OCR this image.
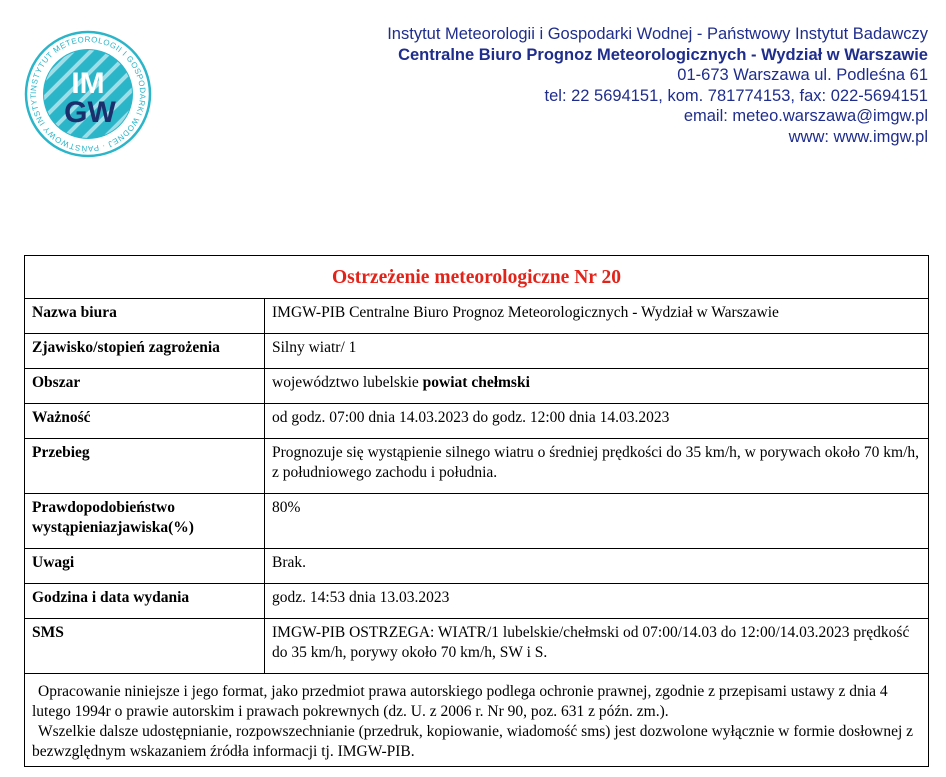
INSTYTUT METEOROLOGII I GOSPODARKI WODNEJ · PAŃSTWOWY INSTYT	IM
GW
Instytut Meteorologii i Gospodarki Wodnej - Państwowy Instytut Badawczy
Centralne Biuro Prognoz Meteorologicznych - Wydział w Warszawie
01-673 Warszawa ul. Podleśna 61
tel: 22 5694151, kom. 781774153, fax: 022-5694151
email: meteo.warszawa@imgw.pl
www: www.imgw.pl
Ostrzeżenie meteorologiczne Nr 20	
Nazwa biura	IMGW-PIB Centralne Biuro Prognoz Meteorologicznych - Wydział w Warszawie
Zjawisko/stopień zagrożenia	Silny wiatr/ 1
Obszar	województwo lubelskie powiat chełmski
Ważność	od godz. 07:00 dnia 14.03.2023 do godz. 12:00 dnia 14.03.2023
Przebieg	Prognozuje się wystąpienie silnego wiatru o średniej prędkości do 35 km/h, w porywach około 70 km/h, z południowego zachodu i południa.
Prawdopodobieństwo wystąpieniazjawiska(%)	80%
Uwagi	Brak.
Godzina i data wydania	godz. 14:53 dnia 13.03.2023
SMS	IMGW-PIB OSTRZEGA: WIATR/1 lubelskie/chełmski od 07:00/14.03 do 12:00/14.03.2023 prędkość do 35 km/h, porywy około 70 km/h, SW i S.

Opracowanie niniejsze i jego format, jako przedmiot prawa autorskiego podlega ochronie prawnej, zgodnie z przepisami ustawy z dnia 4 lutego 1994r o prawie autorskim i prawach pokrewnych (dz. U. z 2006 r. Nr 90, poz. 631 z późn. zm.).

Wszelkie dalsze udostępnianie, rozpowszechnianie (przedruk, kopiowanie, wiadomość sms) jest dozwolone wyłącznie w formie dosłownej z bezwzględnym wskazaniem źródła informacji tj. IMGW-PIB.	
